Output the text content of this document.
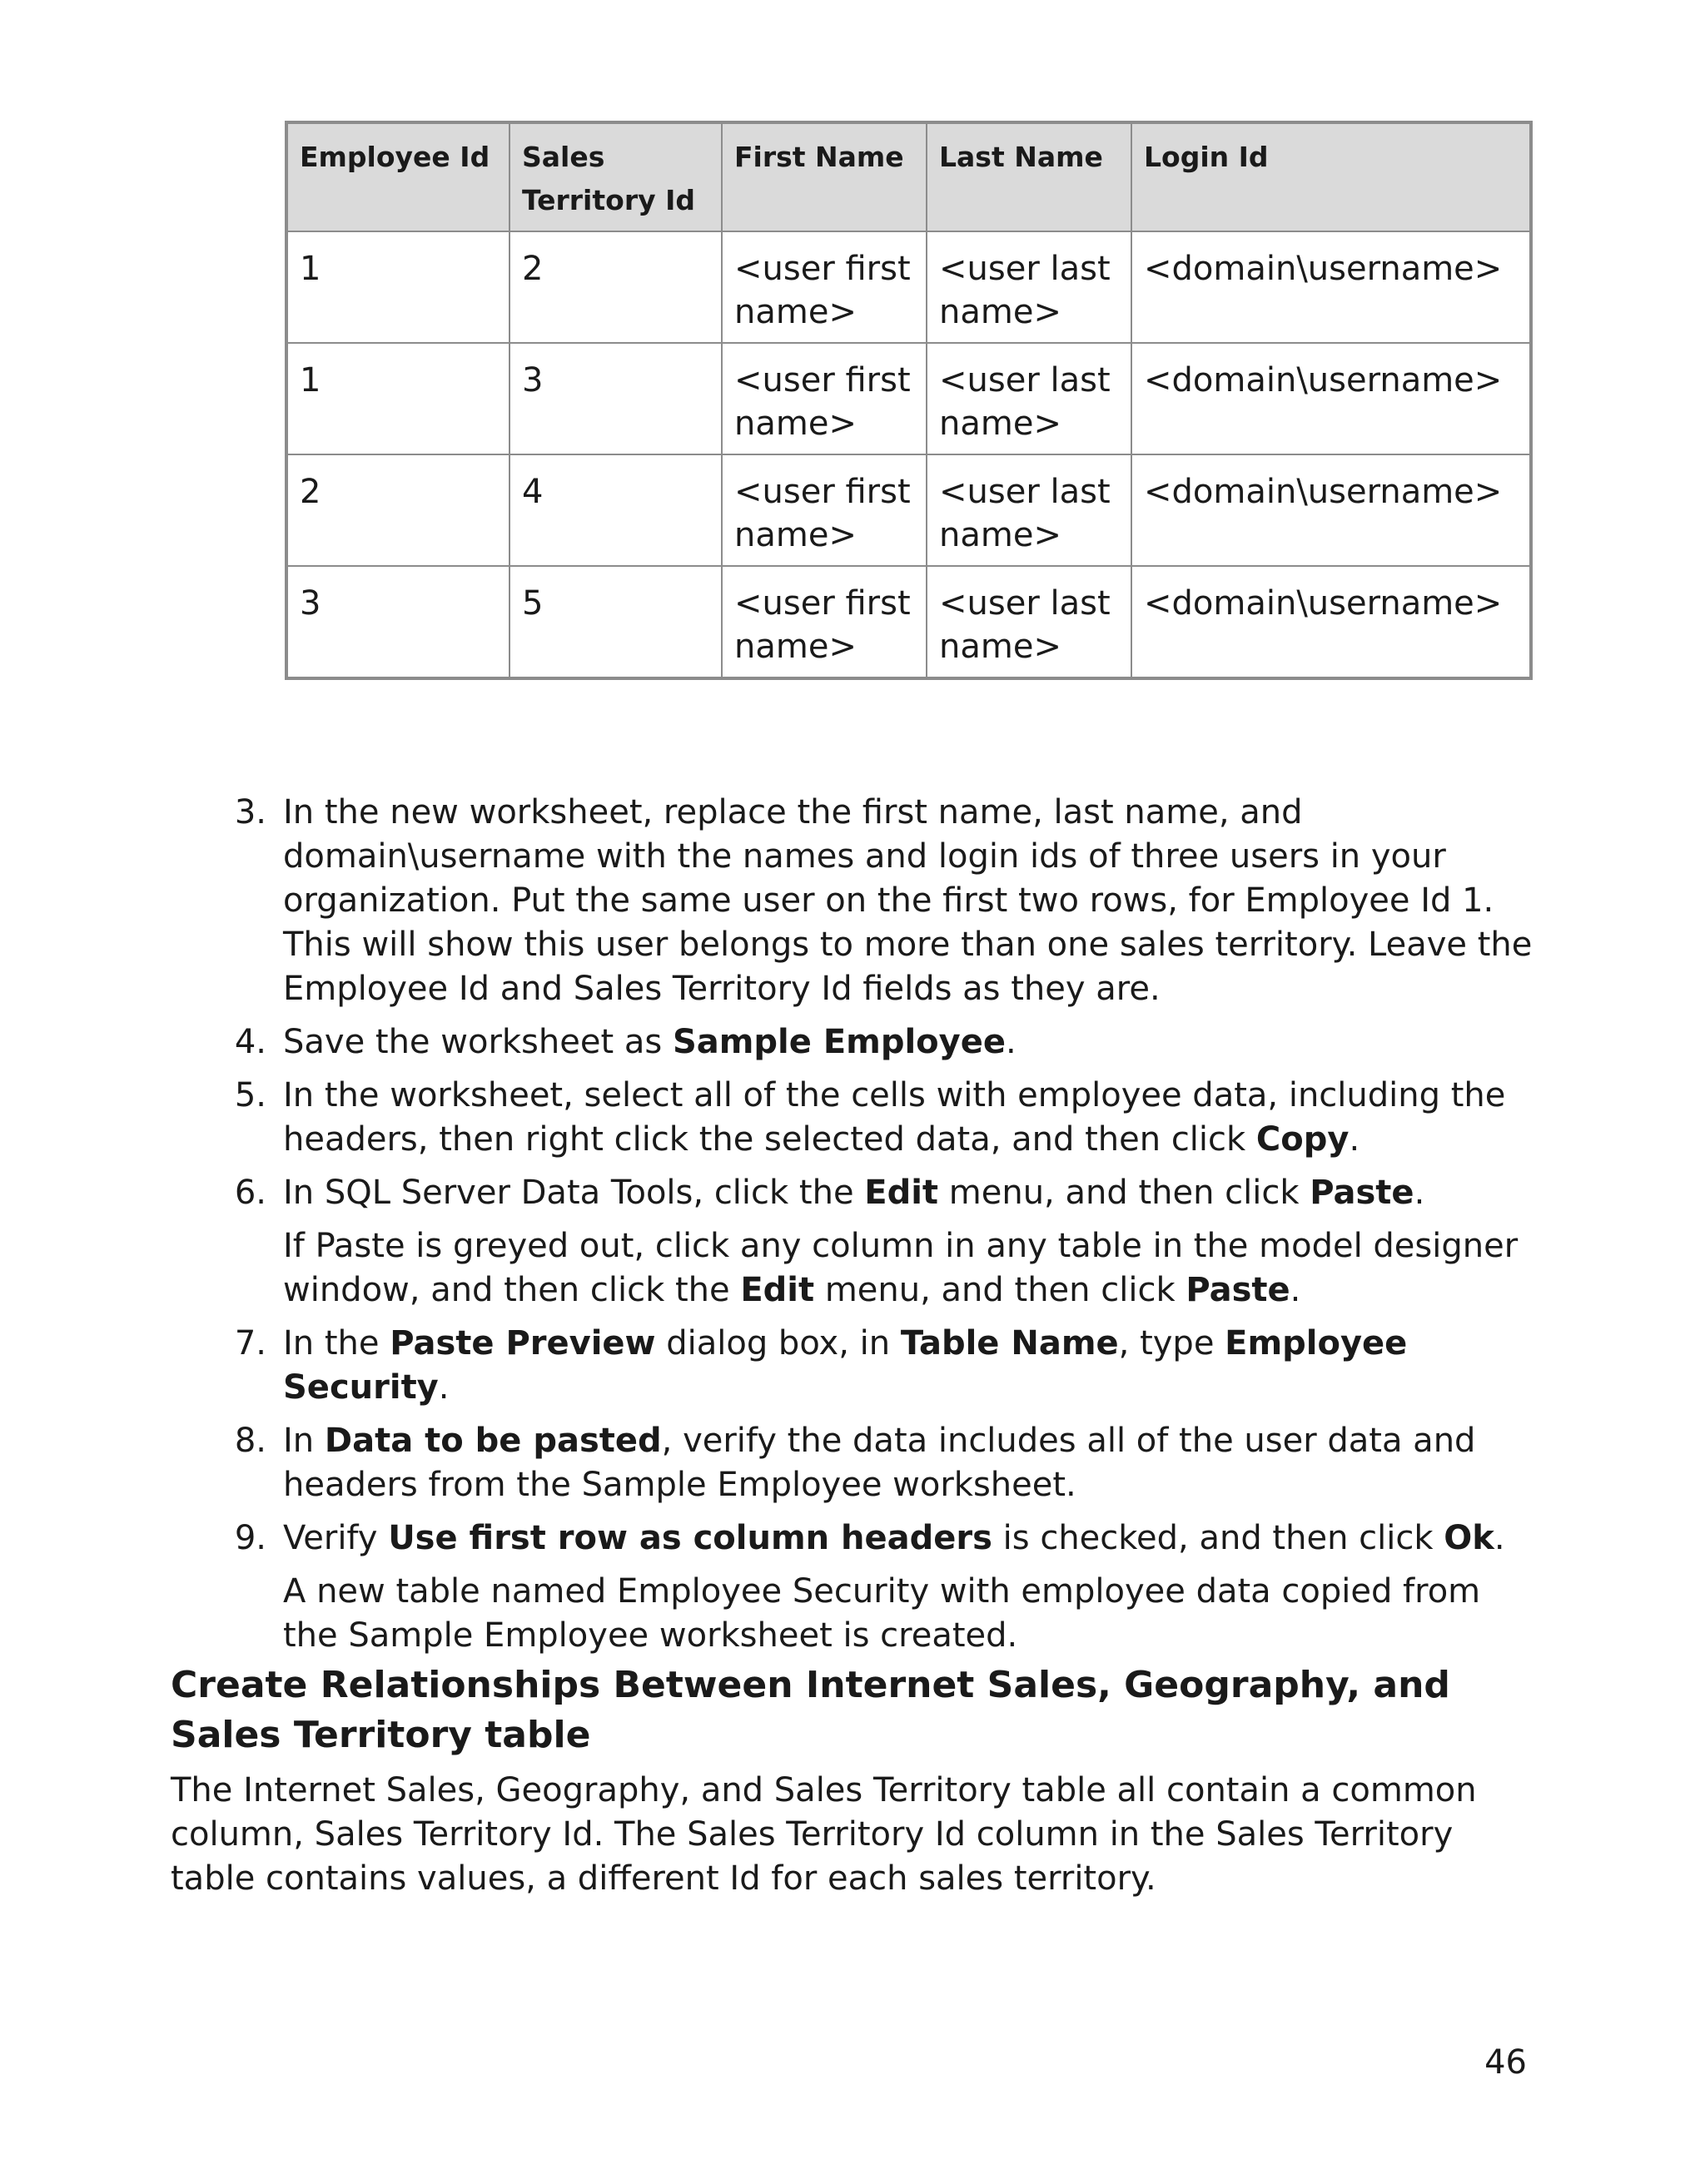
Employee Id	Sales Territory Id	First Name	Last Name	Login Id
1	2	<user first name>	<user last name>	<domain\username>
1	3	<user first name>	<user last name>	<domain\username>
2	4	<user first name>	<user last name>	<domain\username>
3	5	<user first name>	<user last name>	<domain\username>
3. In the new worksheet, replace the first name, last name, and domain\username with the names and login ids of three users in your organization. Put the same user on the first two rows, for Employee Id 1. This will show this user belongs to more than one sales territory. Leave the Employee Id and Sales Territory Id fields as they are.
4. Save the worksheet as Sample Employee.
5. In the worksheet, select all of the cells with employee data, including the headers, then right click the selected data, and then click Copy.
6. In SQL Server Data Tools, click the Edit menu, and then click Paste.
If Paste is greyed out, click any column in any table in the model designer window, and then click the Edit menu, and then click Paste.
7. In the Paste Preview dialog box, in Table Name, type Employee Security.
8. In Data to be pasted, verify the data includes all of the user data and headers from the Sample Employee worksheet.
9. Verify Use first row as column headers is checked, and then click Ok.
A new table named Employee Security with employee data copied from the Sample Employee worksheet is created.
Create Relationships Between Internet Sales, Geography, and Sales Territory table

The Internet Sales, Geography, and Sales Territory table all contain a common column, Sales Territory Id. The Sales Territory Id column in the Sales Territory table contains values, a different Id for each sales territory.

46
